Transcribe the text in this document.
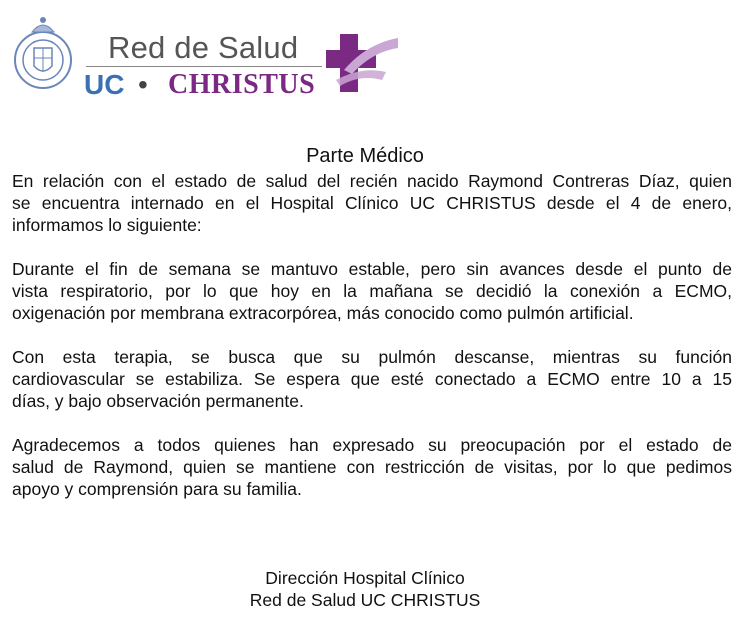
Red de Salud
UC • CHRISTUS
Parte Médico

En relación con el estado de salud del recién nacido Raymond Contreras Díaz, quien
se encuentra internado en el Hospital Clínico UC CHRISTUS desde el 4 de enero,
informamos lo siguiente:

Durante el fin de semana se mantuvo estable, pero sin avances desde el punto de
vista respiratorio, por lo que hoy en la mañana se decidió la conexión a ECMO,
oxigenación por membrana extracorpórea, más conocido como pulmón artificial.

Con esta terapia, se busca que su pulmón descanse, mientras su función
cardiovascular se estabiliza. Se espera que esté conectado a ECMO entre 10 a 15
días, y bajo observación permanente.

Agradecemos a todos quienes han expresado su preocupación por el estado de
salud de Raymond, quien se mantiene con restricción de visitas, por lo que pedimos
apoyo y comprensión para su familia.

Dirección Hospital Clínico
Red de Salud UC CHRISTUS
